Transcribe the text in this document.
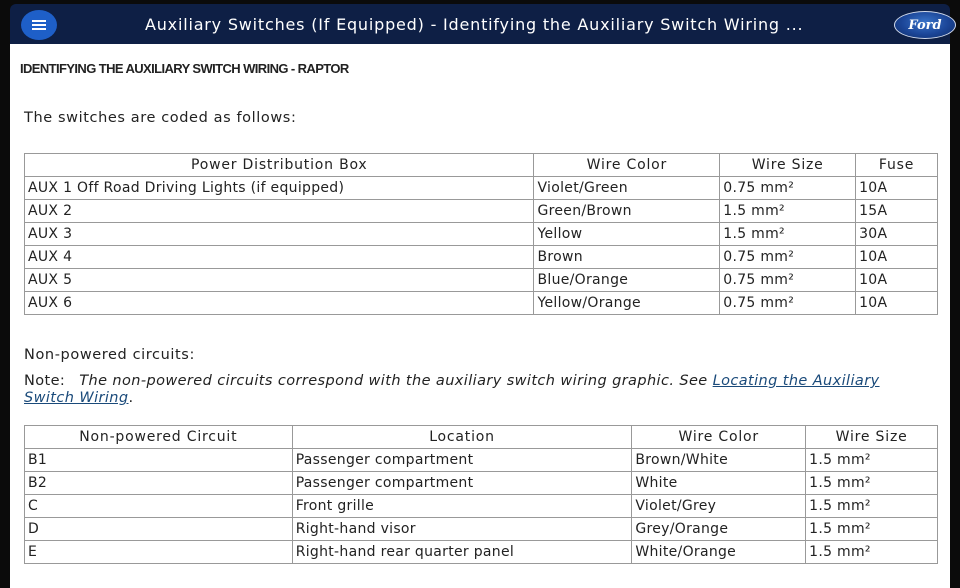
Auxiliary Switches (If Equipped) - Identifying the Auxiliary Switch Wiring ...	Ford
IDENTIFYING THE AUXILIARY SWITCH WIRING - RAPTOR
The switches are coded as follows:
Power Distribution Box	Wire Color	Wire Size	Fuse
AUX 1 Off Road Driving Lights (if equipped)	Violet/Green	0.75 mm²	10A
AUX 2	Green/Brown	1.5 mm²	15A
AUX 3	Yellow	1.5 mm²	30A
AUX 4	Brown	0.75 mm²	10A
AUX 5	Blue/Orange	0.75 mm²	10A
AUX 6	Yellow/Orange	0.75 mm²	10A
Non-powered circuits:
Note: The non-powered circuits correspond with the auxiliary switch wiring graphic. See Locating the Auxiliary Switch Wiring.
Non-powered Circuit	Location	Wire Color	Wire Size
B1	Passenger compartment	Brown/White	1.5 mm²
B2	Passenger compartment	White	1.5 mm²
C	Front grille	Violet/Grey	1.5 mm²
D	Right-hand visor	Grey/Orange	1.5 mm²
E	Right-hand rear quarter panel	White/Orange	1.5 mm²
